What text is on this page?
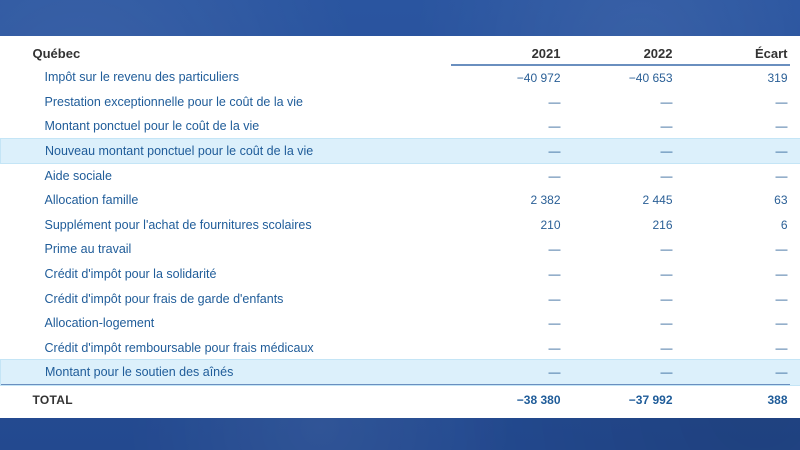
Québec	2021	2022	Écart	
Impôt sur le revenu des particuliers	−40 972	−40 653	319	
Prestation exceptionnelle pour le coût de la vie	—	—	—	
Montant ponctuel pour le coût de la vie	—	—	—	
Nouveau montant ponctuel pour le coût de la vie	—	—	—	
Aide sociale	—	—	—	
Allocation famille	2 382	2 445	63	
Supplément pour l'achat de fournitures scolaires	210	216	6	
Prime au travail	—	—	—	
Crédit d'impôt pour la solidarité	—	—	—	
Crédit d'impôt pour frais de garde d'enfants	—	—	—	
Allocation-logement	—	—	—	
Crédit d'impôt remboursable pour frais médicaux	—	—	—	
Montant pour le soutien des aînés	—	—	—	
TOTAL	−38 380	−37 992	388	
